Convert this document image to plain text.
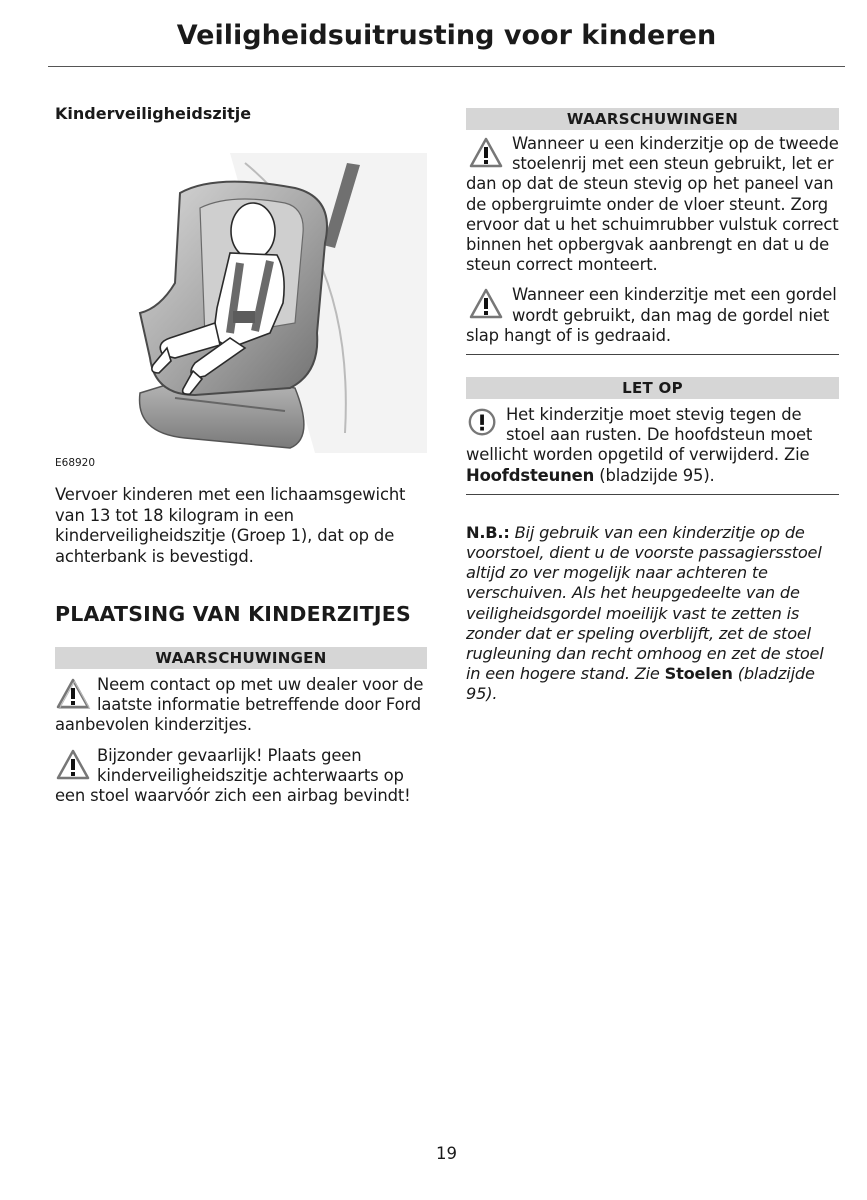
Veiligheidsuitrusting voor kinderen

Kinderveiligheidszitje

E68920

Vervoer kinderen met een lichaamsgewicht van 13 tot 18 kilogram in een kinderveiligheidszitje (Groep 1), dat op de achterbank is bevestigd.

PLAATSING VAN KINDERZITJES
WAARSCHUWINGEN
Neem contact op met uw dealer voor de laatste informatie betreffende door Ford aanbevolen kinderzitjes.
Bijzonder gevaarlijk! Plaats geen kinderveiligheidszitje achterwaarts op een stoel waarvóór zich een airbag bevindt!
WAARSCHUWINGEN
Wanneer u een kinderzitje op de tweede stoelenrij met een steun gebruikt, let er dan op dat de steun stevig op het paneel van de opbergruimte onder de vloer steunt. Zorg ervoor dat u het schuimrubber vulstuk correct binnen het opbergvak aanbrengt en dat u de steun correct monteert.
Wanneer een kinderzitje met een gordel wordt gebruikt, dan mag de gordel niet slap hangt of is gedraaid.
LET OP
Het kinderzitje moet stevig tegen de stoel aan rusten. De hoofdsteun moet wellicht worden opgetild of verwijderd. Zie Hoofdsteunen (bladzijde 95).
N.B.: Bij gebruik van een kinderzitje op de voorstoel, dient u de voorste passagiersstoel altijd zo ver mogelijk naar achteren te verschuiven. Als het heupgedeelte van de veiligheidsgordel moeilijk vast te zetten is zonder dat er speling overblijft, zet de stoel rugleuning dan recht omhoog en zet de stoel in een hogere stand. Zie Stoelen (bladzijde 95).
19
